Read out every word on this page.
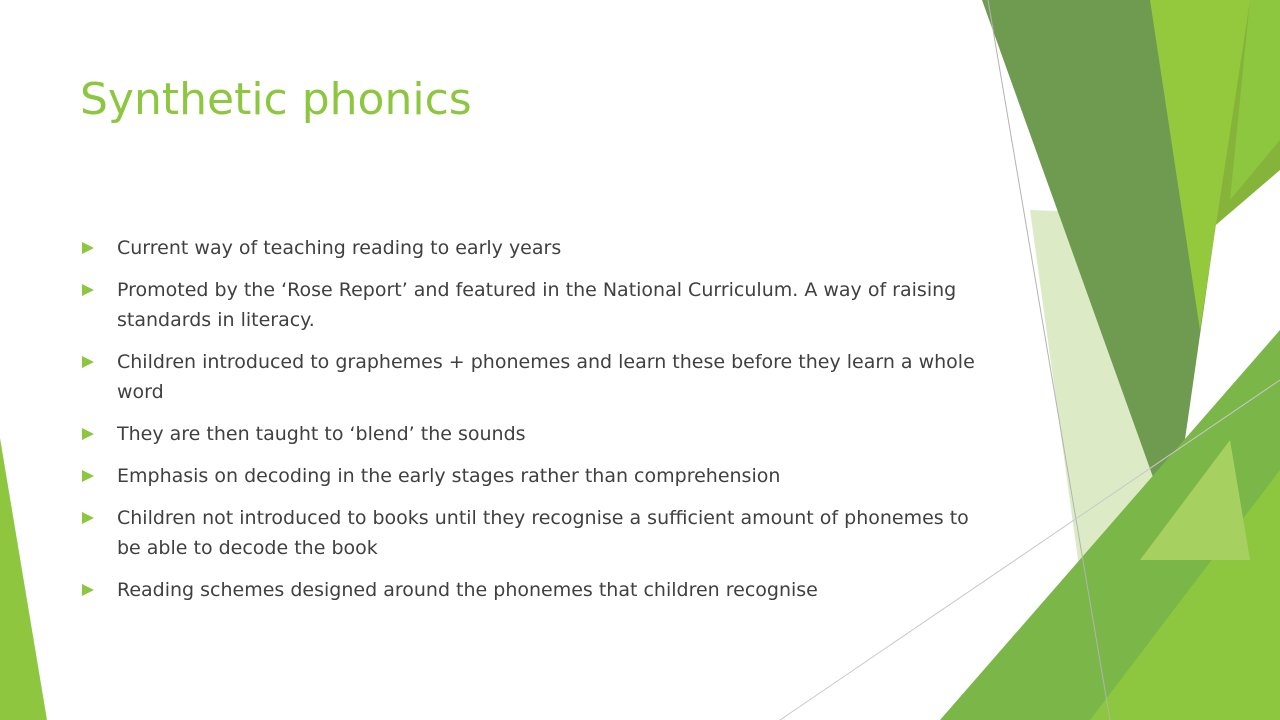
Synthetic phonics
Current way of teaching reading to early years
Promoted by the ‘Rose Report’ and featured in the National Curriculum. A way of raising standards in literacy.
Children introduced to graphemes + phonemes and learn these before they learn a whole word
They are then taught to ‘blend’ the sounds
Emphasis on decoding in the early stages rather than comprehension
Children not introduced to books until they recognise a sufficient amount of phonemes to be able to decode the book
Reading schemes designed around the phonemes that children recognise
